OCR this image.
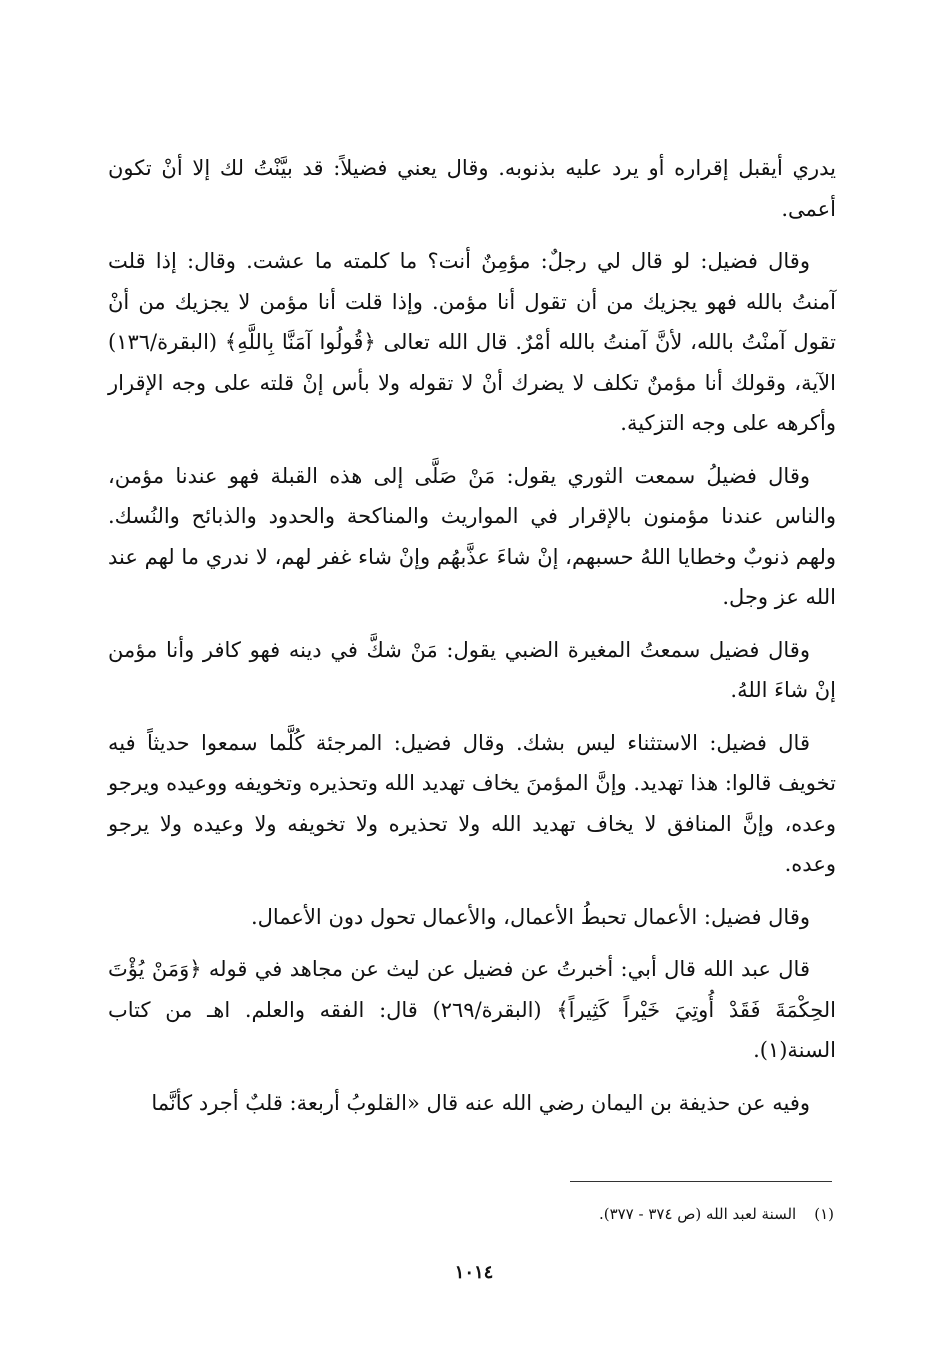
يدري أيقبل إقراره أو يرد عليه بذنوبه. وقال يعني فضيلاً: قد بيَّنْتُ لك إلا أنْ تكون أعمى.

وقال فضيل: لو قال لي رجلٌ: مؤمِنٌ أنت؟ ما كلمته ما عشت. وقال: إذا قلت آمنتُ بالله فهو يجزيك من أن تقول أنا مؤمن. وإذا قلت أنا مؤمن لا يجزيك من أنْ تقول آمنْتُ بالله، لأنَّ آمنتُ بالله أمْرٌ. قال الله تعالى ﴿قُولُوا آمَنَّا بِاللَّهِ﴾ (البقرة/١٣٦) الآية، وقولك أنا مؤمنٌ تكلف لا يضرك أنْ لا تقوله ولا بأس إنْ قلته على وجه الإقرار وأكرهه على وجه التزكية.

وقال فضيلُ سمعت الثوري يقول: مَنْ صَلَّى إلى هذه القبلة فهو عندنا مؤمن، والناس عندنا مؤمنون بالإقرار في المواريث والمناكحة والحدود والذبائح والنُسك. ولهم ذنوبٌ وخطايا اللهُ حسبهم، إنْ شاءَ عذَّبهُم وإنْ شاء غفر لهم، لا ندري ما لهم عند الله عز وجل.

وقال فضيل سمعتُ المغيرة الضبي يقول: مَنْ شكَّ في دينه فهو كافر وأنا مؤمن إنْ شاءَ اللهُ.

قال فضيل: الاستثناء ليس بشك. وقال فضيل: المرجئة كُلَّما سمعوا حديثاً فيه تخويف قالوا: هذا تهديد. وإنَّ المؤمنَ يخاف تهديد الله وتحذيره وتخويفه ووعيده ويرجو وعده، وإنَّ المنافق لا يخاف تهديد الله ولا تحذيره ولا تخويفه ولا وعيده ولا يرجو وعده.

وقال فضيل: الأعمال تحبطُ الأعمال، والأعمال تحول دون الأعمال.

قال عبد الله قال أبي: أخبرتُ عن فضيل عن ليث عن مجاهد في قوله ﴿وَمَنْ يُؤْتَ الحِكْمَةَ فَقَدْ أُوتِيَ خَيْراً كَثِيراً﴾ (البقرة/٢٦٩) قال: الفقه والعلم. اهـ من كتاب السنة(١).

وفيه عن حذيفة بن اليمان رضي الله عنه قال «القلوبُ أربعة: قلبٌ أجرد كأنَّما

(١)السنة لعبد الله (ص ٣٧٤ - ٣٧٧).
١٠١٤
